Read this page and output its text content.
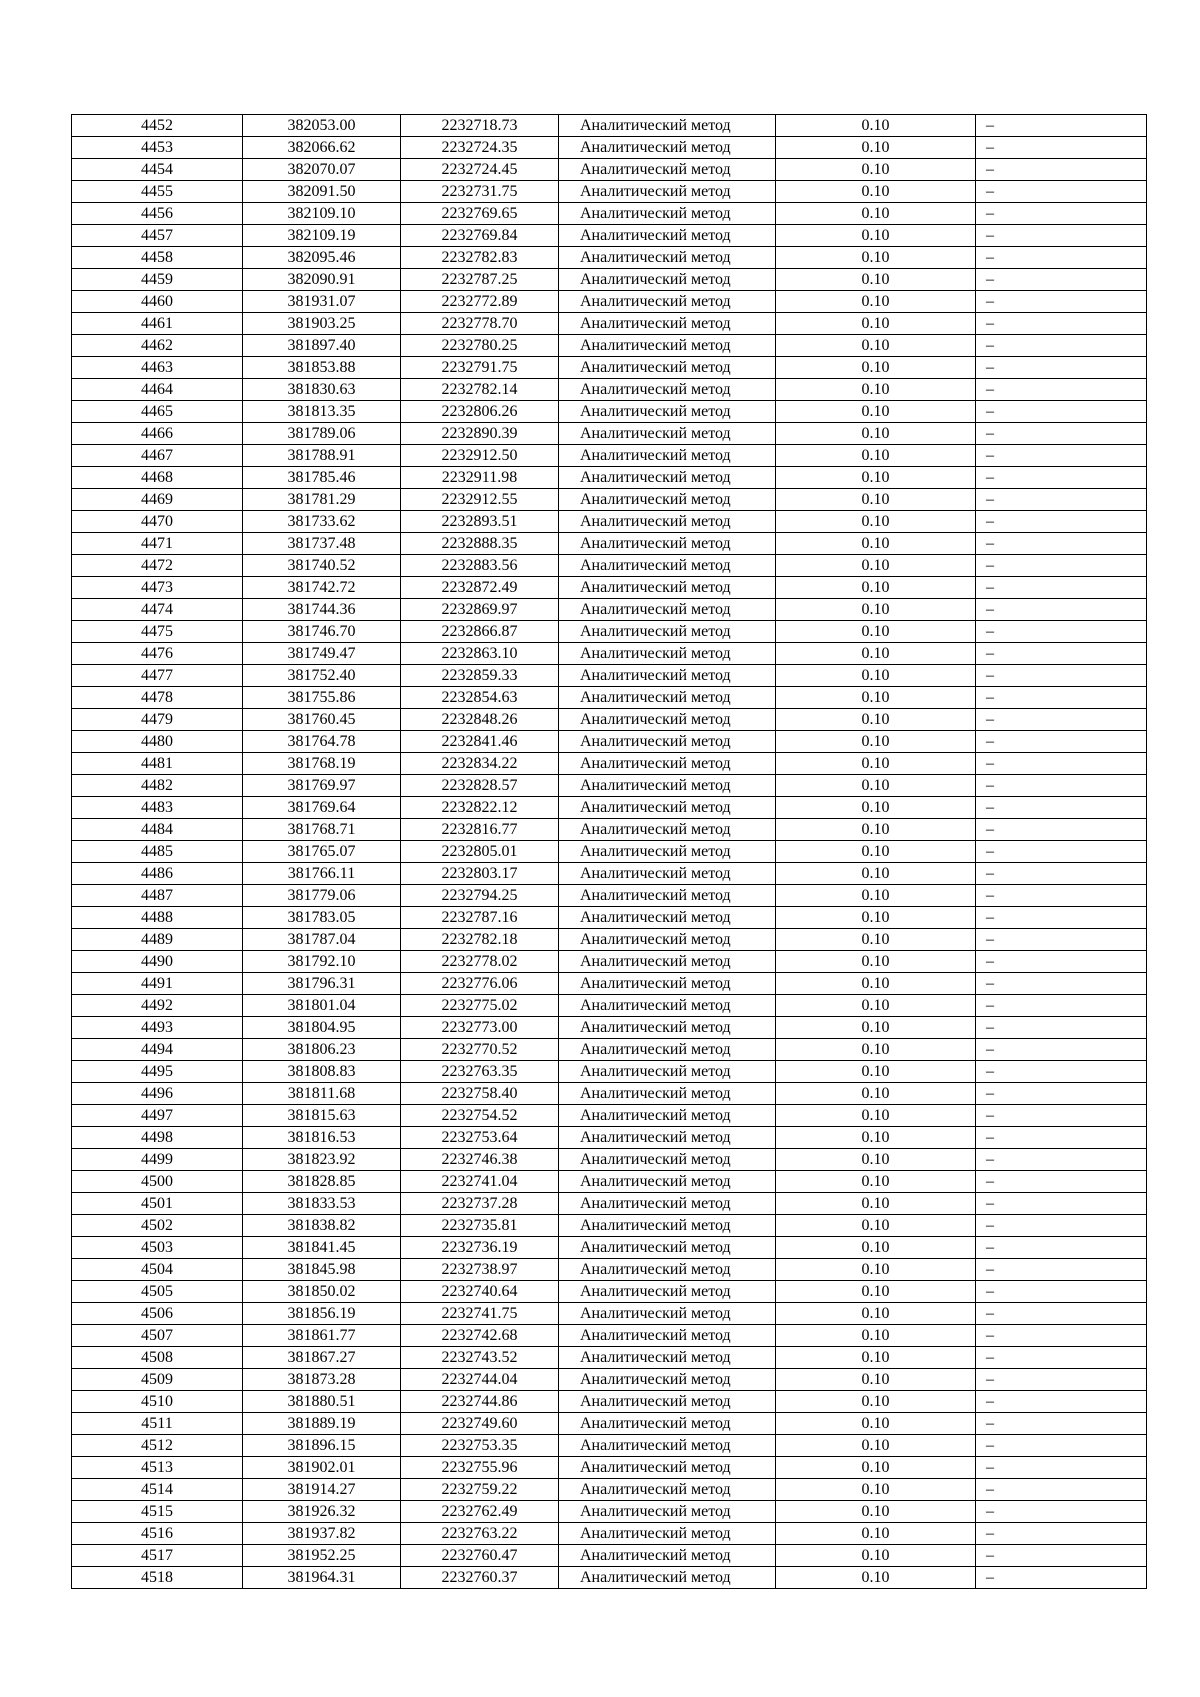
4452	382053.00	2232718.73	Аналитический метод	0.10	–
4453	382066.62	2232724.35	Аналитический метод	0.10	–
4454	382070.07	2232724.45	Аналитический метод	0.10	–
4455	382091.50	2232731.75	Аналитический метод	0.10	–
4456	382109.10	2232769.65	Аналитический метод	0.10	–
4457	382109.19	2232769.84	Аналитический метод	0.10	–
4458	382095.46	2232782.83	Аналитический метод	0.10	–
4459	382090.91	2232787.25	Аналитический метод	0.10	–
4460	381931.07	2232772.89	Аналитический метод	0.10	–
4461	381903.25	2232778.70	Аналитический метод	0.10	–
4462	381897.40	2232780.25	Аналитический метод	0.10	–
4463	381853.88	2232791.75	Аналитический метод	0.10	–
4464	381830.63	2232782.14	Аналитический метод	0.10	–
4465	381813.35	2232806.26	Аналитический метод	0.10	–
4466	381789.06	2232890.39	Аналитический метод	0.10	–
4467	381788.91	2232912.50	Аналитический метод	0.10	–
4468	381785.46	2232911.98	Аналитический метод	0.10	–
4469	381781.29	2232912.55	Аналитический метод	0.10	–
4470	381733.62	2232893.51	Аналитический метод	0.10	–
4471	381737.48	2232888.35	Аналитический метод	0.10	–
4472	381740.52	2232883.56	Аналитический метод	0.10	–
4473	381742.72	2232872.49	Аналитический метод	0.10	–
4474	381744.36	2232869.97	Аналитический метод	0.10	–
4475	381746.70	2232866.87	Аналитический метод	0.10	–
4476	381749.47	2232863.10	Аналитический метод	0.10	–
4477	381752.40	2232859.33	Аналитический метод	0.10	–
4478	381755.86	2232854.63	Аналитический метод	0.10	–
4479	381760.45	2232848.26	Аналитический метод	0.10	–
4480	381764.78	2232841.46	Аналитический метод	0.10	–
4481	381768.19	2232834.22	Аналитический метод	0.10	–
4482	381769.97	2232828.57	Аналитический метод	0.10	–
4483	381769.64	2232822.12	Аналитический метод	0.10	–
4484	381768.71	2232816.77	Аналитический метод	0.10	–
4485	381765.07	2232805.01	Аналитический метод	0.10	–
4486	381766.11	2232803.17	Аналитический метод	0.10	–
4487	381779.06	2232794.25	Аналитический метод	0.10	–
4488	381783.05	2232787.16	Аналитический метод	0.10	–
4489	381787.04	2232782.18	Аналитический метод	0.10	–
4490	381792.10	2232778.02	Аналитический метод	0.10	–
4491	381796.31	2232776.06	Аналитический метод	0.10	–
4492	381801.04	2232775.02	Аналитический метод	0.10	–
4493	381804.95	2232773.00	Аналитический метод	0.10	–
4494	381806.23	2232770.52	Аналитический метод	0.10	–
4495	381808.83	2232763.35	Аналитический метод	0.10	–
4496	381811.68	2232758.40	Аналитический метод	0.10	–
4497	381815.63	2232754.52	Аналитический метод	0.10	–
4498	381816.53	2232753.64	Аналитический метод	0.10	–
4499	381823.92	2232746.38	Аналитический метод	0.10	–
4500	381828.85	2232741.04	Аналитический метод	0.10	–
4501	381833.53	2232737.28	Аналитический метод	0.10	–
4502	381838.82	2232735.81	Аналитический метод	0.10	–
4503	381841.45	2232736.19	Аналитический метод	0.10	–
4504	381845.98	2232738.97	Аналитический метод	0.10	–
4505	381850.02	2232740.64	Аналитический метод	0.10	–
4506	381856.19	2232741.75	Аналитический метод	0.10	–
4507	381861.77	2232742.68	Аналитический метод	0.10	–
4508	381867.27	2232743.52	Аналитический метод	0.10	–
4509	381873.28	2232744.04	Аналитический метод	0.10	–
4510	381880.51	2232744.86	Аналитический метод	0.10	–
4511	381889.19	2232749.60	Аналитический метод	0.10	–
4512	381896.15	2232753.35	Аналитический метод	0.10	–
4513	381902.01	2232755.96	Аналитический метод	0.10	–
4514	381914.27	2232759.22	Аналитический метод	0.10	–
4515	381926.32	2232762.49	Аналитический метод	0.10	–
4516	381937.82	2232763.22	Аналитический метод	0.10	–
4517	381952.25	2232760.47	Аналитический метод	0.10	–
4518	381964.31	2232760.37	Аналитический метод	0.10	–
